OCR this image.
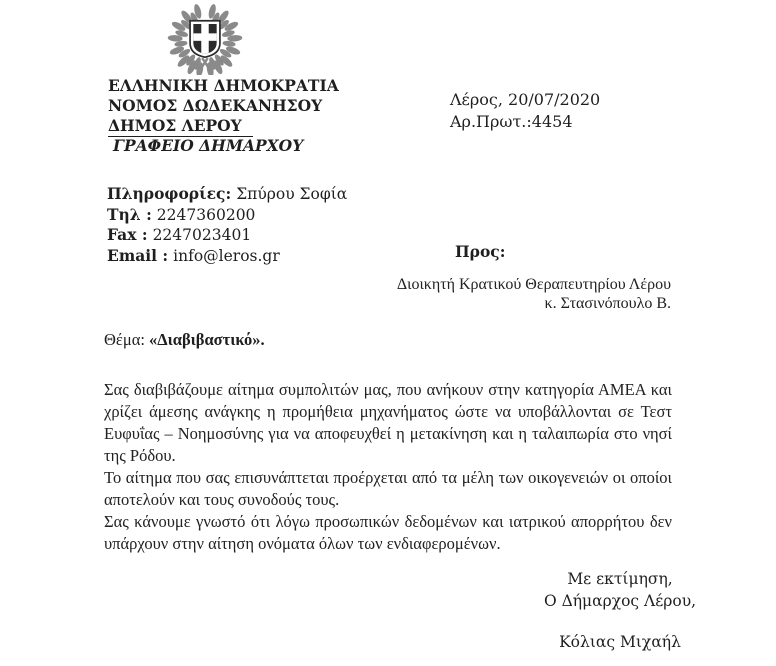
ΕΛΛΗΝΙΚΗ ΔΗΜΟΚΡΑΤΙΑ
ΝΟΜΟΣ ΔΩΔΕΚΑΝΗΣΟΥ
ΔΗΜΟΣ ΛΕΡΟΥ
ΓΡΑΦΕΙΟ ΔΗΜΑΡΧΟΥ
Λέρος, 20/07/2020
Αρ.Πρωτ.:4454
Πληροφορίες: Σπύρου Σοφία
Τηλ : 2247360200
Fax : 2247023401
Email : info@leros.gr	Προς:
Διοικητή Κρατικού Θεραπευτηρίου Λέρου
κ. Στασινόπουλο Β.
Θέμα: «Διαβιβαστικό».

Σας διαβιβάζουμε αίτημα συμπολιτών μας, που ανήκουν στην κατηγορία ΑΜΕΑ και χρίζει άμεσης ανάγκης η προμήθεια μηχανήματος ώστε να υποβάλλονται σε Τεστ Ευφυΐας – Νοημοσύνης για να αποφευχθεί η μετακίνηση και η ταλαιπωρία στο νησί της Ρόδου.

Το αίτημα που σας επισυνάπτεται προέρχεται από τα μέλη των οικογενειών οι οποίοι αποτελούν και τους συνοδούς τους.

Σας κάνουμε γνωστό ότι λόγω προσωπικών δεδομένων και ιατρικού απορρήτου δεν υπάρχουν στην αίτηση ονόματα όλων των ενδιαφερομένων.

Με εκτίμηση,
Ο Δήμαρχος Λέρου,
Κόλιας Μιχαήλ
